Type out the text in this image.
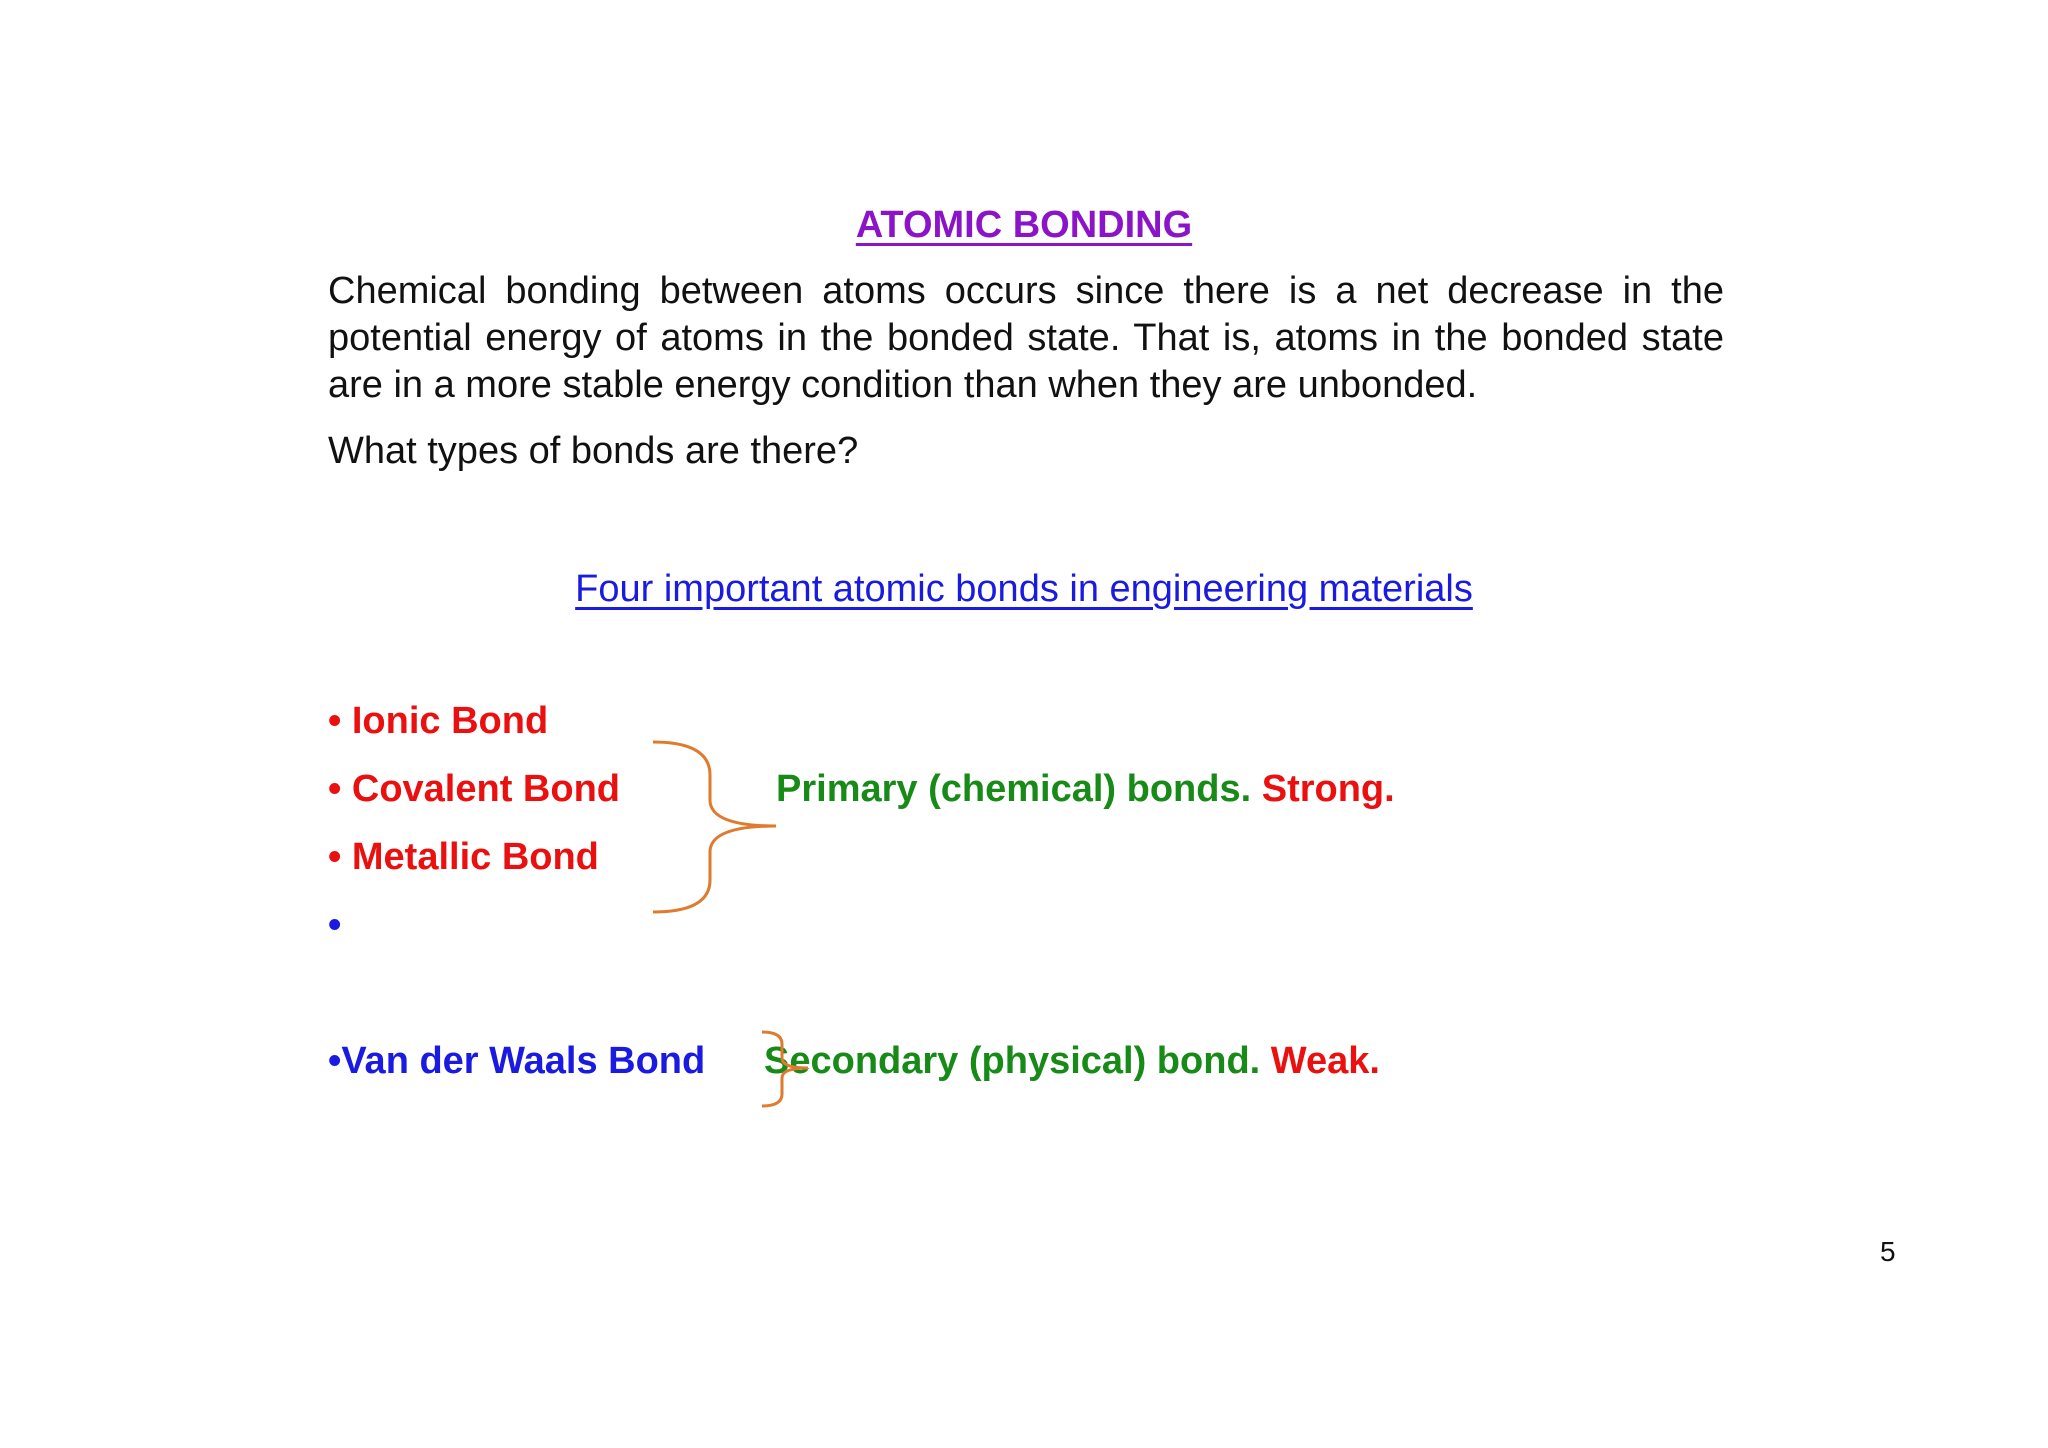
ATOMIC BONDING
Chemical bonding between atoms occurs since there is a net decrease in the potential energy of atoms in the bonded state. That is, atoms in the bonded state are in a more stable energy condition than when they are unbonded.
What types of bonds are there?
Four important atomic bonds in engineering materials
• Ionic Bond
• Covalent Bond
• Metallic Bond
•
•Van der Waals Bond
Primary (chemical) bonds. Strong.
Secondary (physical) bond. Weak.
5
